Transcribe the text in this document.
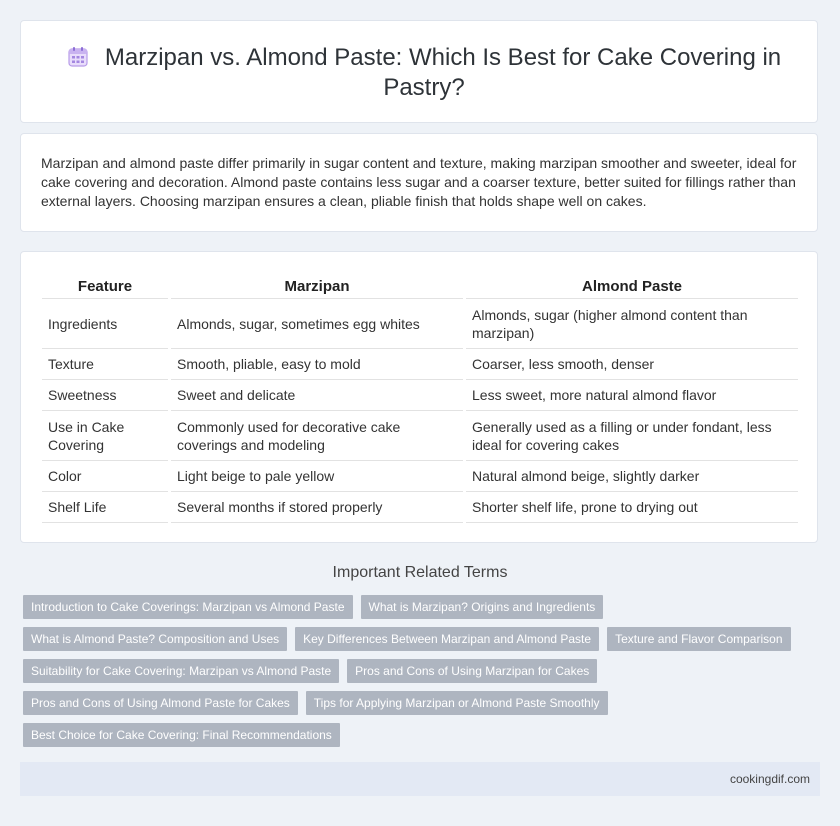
Marzipan vs. Almond Paste: Which Is Best for Cake Covering in Pastry?
Marzipan and almond paste differ primarily in sugar content and texture, making marzipan smoother and sweeter, ideal for cake covering and decoration. Almond paste contains less sugar and a coarser texture, better suited for fillings rather than external layers. Choosing marzipan ensures a clean, pliable finish that holds shape well on cakes.
Feature	Marzipan	Almond Paste
Ingredients	Almonds, sugar, sometimes egg whites	Almonds, sugar (higher almond content than marzipan)
Texture	Smooth, pliable, easy to mold	Coarser, less smooth, denser
Sweetness	Sweet and delicate	Less sweet, more natural almond flavor
Use in Cake Covering	Commonly used for decorative cake coverings and modeling	Generally used as a filling or under fondant, less ideal for covering cakes
Color	Light beige to pale yellow	Natural almond beige, slightly darker
Shelf Life	Several months if stored properly	Shorter shelf life, prone to drying out
Important Related Terms
Introduction to Cake Coverings: Marzipan vs Almond Paste	What is Marzipan? Origins and Ingredients
What is Almond Paste? Composition and Uses	Key Differences Between Marzipan and Almond Paste	Texture and Flavor Comparison
Suitability for Cake Covering: Marzipan vs Almond Paste	Pros and Cons of Using Marzipan for Cakes
Pros and Cons of Using Almond Paste for Cakes	Tips for Applying Marzipan or Almond Paste Smoothly
Best Choice for Cake Covering: Final Recommendations
cookingdif.com
